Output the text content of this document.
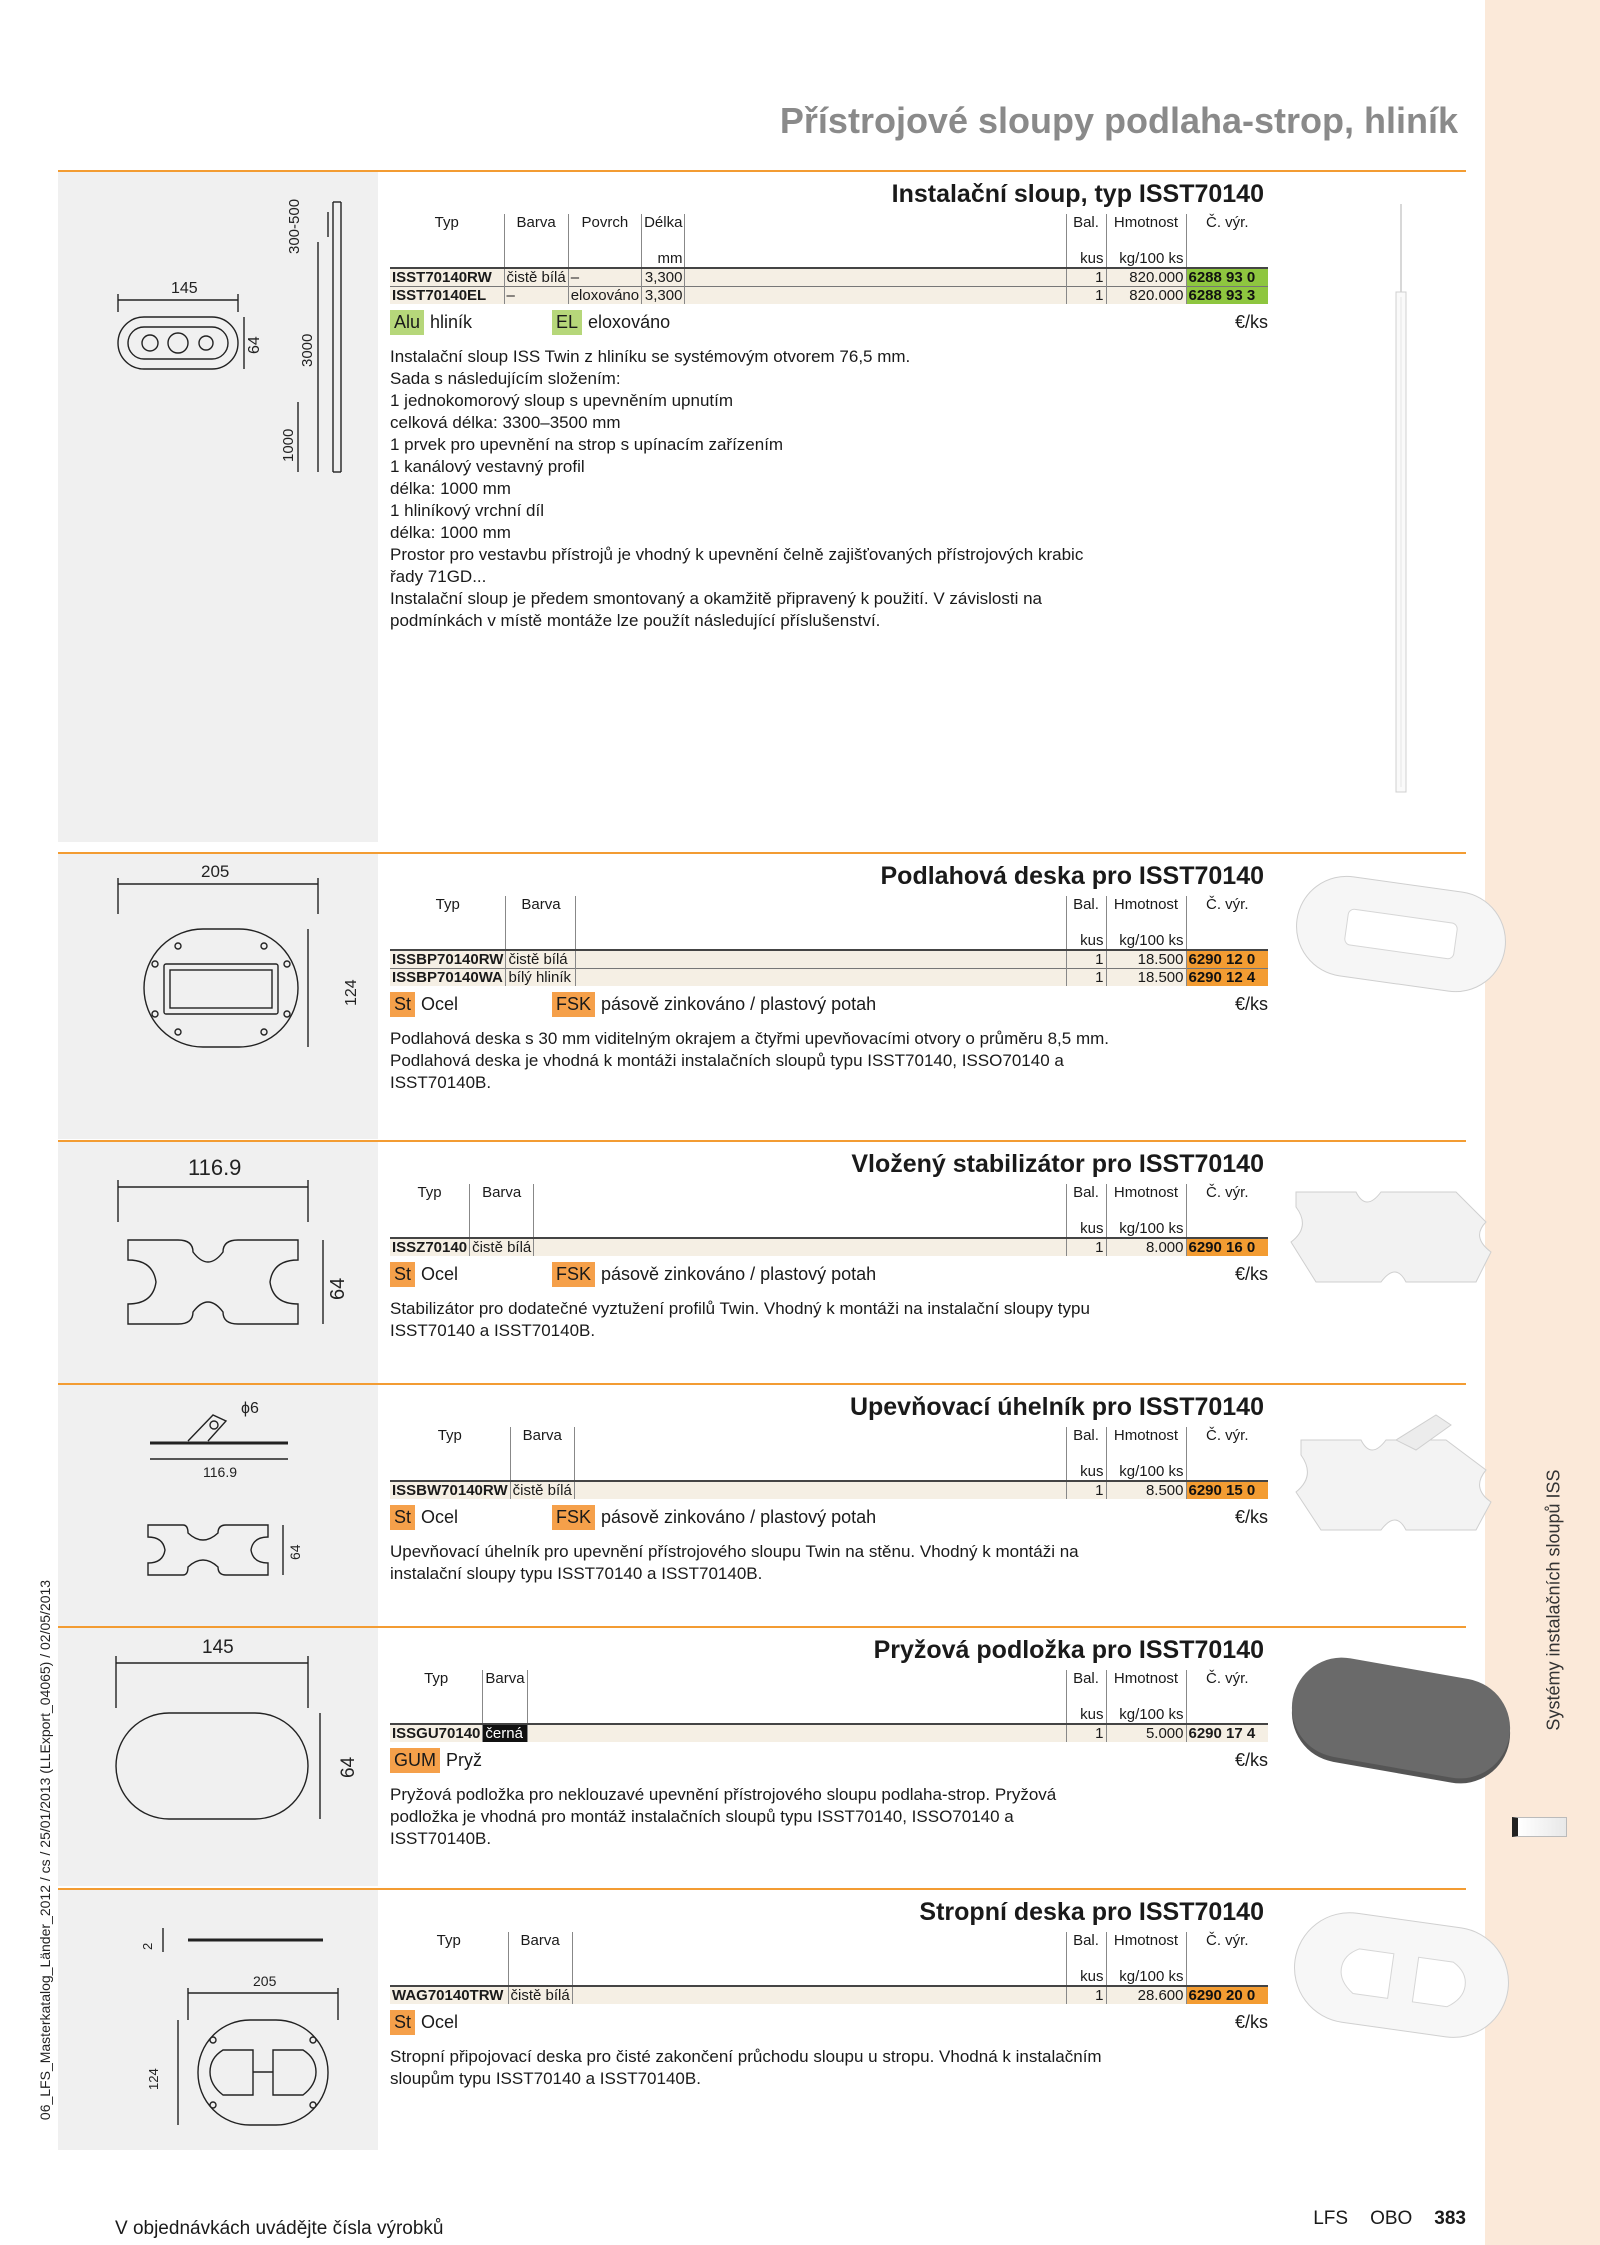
Systémy instalačních sloupů ISS
06_LFS_Masterkatalog_Länder_2012 / cs / 25/01/2013 (LLExport_04065) / 02/05/2013
Přístrojové sloupy podlaha-strop, hliník
145
64
300-500
3000
1000
Instalační sloup, typ ISST70140
Typ	Barva	Povrch	Délka		Bal.	Hmotnost	Č. výr.
			mm		kus	kg/100 ks	
ISST70140RW	čistě bílá	–	3,300		1	820.000	6288 93 0
ISST70140EL	–	eloxováno	3,300		1	820.000	6288 93 3
Alu hliník	EL eloxováno	€/ks
Instalační sloup ISS Twin z hliníku se systémovým otvorem 76,5 mm.
Sada s následujícím složením:
1 jednokomorový sloup s upevněním upnutím
celková délka: 3300–3500 mm
1 prvek pro upevnění na strop s upínacím zařízením
1 kanálový vestavný profil
délka: 1000 mm
1 hliníkový vrchní díl
délka: 1000 mm
Prostor pro vestavbu přístrojů je vhodný k upevnění čelně zajišťovaných přístrojových krabic
řady 71GD...
Instalační sloup je předem smontovaný a okamžitě připravený k použití. V závislosti na
podmínkách v místě montáže lze použít následující příslušenství.
205
124
Podlahová deska pro ISST70140
Typ	Barva		Bal.	Hmotnost	Č. výr.
			kus	kg/100 ks	
ISSBP70140RW	čistě bílá		1	18.500	6290 12 0
ISSBP70140WA	bílý hliník		1	18.500	6290 12 4
St Ocel	FSK pásově zinkováno / plastový potah	€/ks
Podlahová deska s 30 mm viditelným okrajem a čtyřmi upevňovacími otvory o průměru 8,5 mm.
Podlahová deska je vhodná k montáži instalačních sloupů typu ISST70140, ISSO70140 a
ISST70140B.
116.9
64
Vložený stabilizátor pro ISST70140
Typ	Barva		Bal.	Hmotnost	Č. výr.
			kus	kg/100 ks	
ISSZ70140	čistě bílá		1	8.000	6290 16 0
St Ocel	FSK pásově zinkováno / plastový potah	€/ks
Stabilizátor pro dodatečné vyztužení profilů Twin. Vhodný k montáži na instalační sloupy typu
ISST70140 a ISST70140B.
ϕ6
116.9
64
Upevňovací úhelník pro ISST70140
Typ	Barva		Bal.	Hmotnost	Č. výr.
			kus	kg/100 ks	
ISSBW70140RW	čistě bílá		1	8.500	6290 15 0
St Ocel	FSK pásově zinkováno / plastový potah	€/ks
Upevňovací úhelník pro upevnění přístrojového sloupu Twin na stěnu. Vhodný k montáži na
instalační sloupy typu ISST70140 a ISST70140B.
145
64
Pryžová podložka pro ISST70140
Typ	Barva		Bal.	Hmotnost	Č. výr.
			kus	kg/100 ks	
ISSGU70140	černá		1	5.000	6290 17 4
GUM Pryž	€/ks
Pryžová podložka pro neklouzavé upevnění přístrojového sloupu podlaha-strop. Pryžová
podložka je vhodná pro montáž instalačních sloupů typu ISST70140, ISSO70140 a
ISST70140B.
2
205
124
Stropní deska pro ISST70140
Typ	Barva		Bal.	Hmotnost	Č. výr.
			kus	kg/100 ks	
WAG70140TRW	čistě bílá		1	28.600	6290 20 0
St Ocel	€/ks
Stropní připojovací deska pro čisté zakončení průchodu sloupu u stropu. Vhodná k instalačním
sloupům typu ISST70140 a ISST70140B.
V objednávkách uvádějte čísla výrobků	LFS OBO 383
